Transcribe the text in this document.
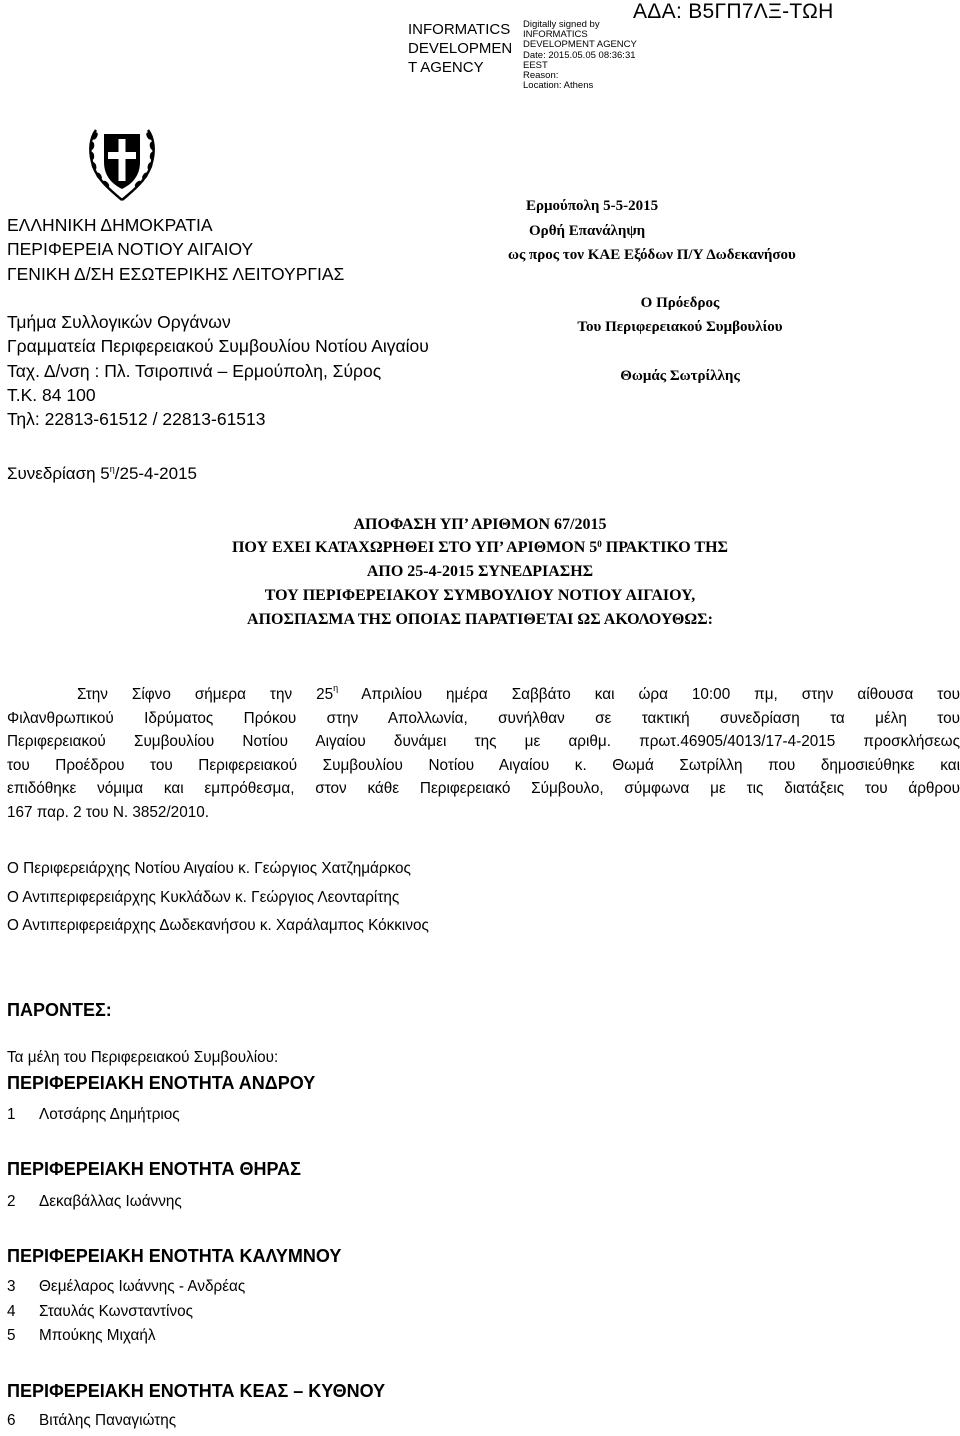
INFORMATICS
DEVELOPMEN
T AGENCY
Digitally signed by
INFORMATICS
DEVELOPMENT AGENCY
Date: 2015.05.05 08:36:31
EEST
Reason:
Location: Athens
ΑΔΑ: Β5ΓΠ7ΛΞ-ΤΩΗ
ΕΛΛΗΝΙΚΗ ΔΗΜΟΚΡΑΤΙΑ
ΠΕΡΙΦΕΡΕΙΑ ΝΟΤΙΟΥ ΑΙΓΑΙΟΥ
ΓΕΝΙΚΗ Δ/ΣΗ ΕΣΩΤΕΡΙΚΗΣ ΛΕΙΤΟΥΡΓΙΑΣ
Τμήμα Συλλογικών Οργάνων
Γραμματεία Περιφερειακού Συμβουλίου Νοτίου Αιγαίου
Ταχ. Δ/νση : Πλ. Τσιροπινά – Ερμούπολη, Σύρος
Τ.Κ. 84 100
Τηλ: 22813-61512 / 22813-61513
Ερμούπολη 5-5-2015
Ορθή Επανάληψη
ως προς τον ΚΑΕ Εξόδων Π/Υ Δωδεκανήσου
Ο Πρόεδρος
Του Περιφερειακού Συμβουλίου
Θωμάς Σωτρίλλης
Συνεδρίαση $5^\eta/25-4-2015$
ΑΠΟΦΑΣΗ ΥΠ’ ΑΡΙΘΜΟΝ 67/2015
ΠΟΥ ΕΧΕΙ ΚΑΤΑΧΩΡΗΘΕΙ ΣΤΟ ΥΠ’ ΑΡΙΘΜΟΝ $5^0$ ΠΡΑΚΤΙΚΟ ΤΗΣ
ΑΠΟ 25-4-2015 ΣΥΝΕΔΡΙΑΣΗΣ
ΤΟΥ ΠΕΡΙΦΕΡΕΙΑΚΟΥ ΣΥΜΒΟΥΛΙΟΥ ΝΟΤΙΟΥ ΑΙΓΑΙΟΥ,
ΑΠΟΣΠΑΣΜΑ ΤΗΣ ΟΠΟΙΑΣ ΠΑΡΑΤΙΘΕΤΑΙ ΩΣ ΑΚΟΛΟΥΘΩΣ:
Στην Σίφνο σήμερα την $25^\eta$ Απριλίου ημέρα Σαββάτο και ώρα 10:00 πμ, στην αίθουσα του
Φιλανθρωπικού Ιδρύματος Πρόκου στην Απολλωνία, συνήλθαν σε τακτική συνεδρίαση τα μέλη του
Περιφερειακού Συμβουλίου Νοτίου Αιγαίου δυνάμει της με αριθμ. πρωτ.46905/4013/17-4-2015 προσκλήσεως
του Προέδρου του Περιφερειακού Συμβουλίου Νοτίου Αιγαίου κ. Θωμά Σωτρίλλη που δημοσιεύθηκε και
επιδόθηκε νόμιμα και εμπρόθεσμα, στον κάθε Περιφερειακό Σύμβουλο, σύμφωνα με τις διατάξεις του άρθρου
167 παρ. 2 του Ν. 3852/2010.
Ο Περιφερειάρχης Νοτίου Αιγαίου κ. Γεώργιος Χατζημάρκος
Ο Αντιπεριφερειάρχης Κυκλάδων κ. Γεώργιος Λεονταρίτης
Ο Αντιπεριφερειάρχης Δωδεκανήσου κ. Χαράλαμπος Κόκκινος
ΠΑΡΟΝΤΕΣ:
Τα μέλη του Περιφερειακού Συμβουλίου:
ΠΕΡΙΦΕΡΕΙΑΚΗ ΕΝΟΤΗΤΑ ΑΝΔΡΟΥ
1 Λοτσάρης Δημήτριος
ΠΕΡΙΦΕΡΕΙΑΚΗ ΕΝΟΤΗΤΑ ΘΗΡΑΣ
2 Δεκαβάλλας Ιωάννης
ΠΕΡΙΦΕΡΕΙΑΚΗ ΕΝΟΤΗΤΑ ΚΑΛΥΜΝΟΥ
3 Θεμέλαρος Ιωάννης - Ανδρέας
4 Σταυλάς Κωνσταντίνος
5 Μπούκης Μιχαήλ
ΠΕΡΙΦΕΡΕΙΑΚΗ ΕΝΟΤΗΤΑ ΚΕΑΣ – ΚΥΘΝΟΥ
6 Βιτάλης Παναγιώτης
